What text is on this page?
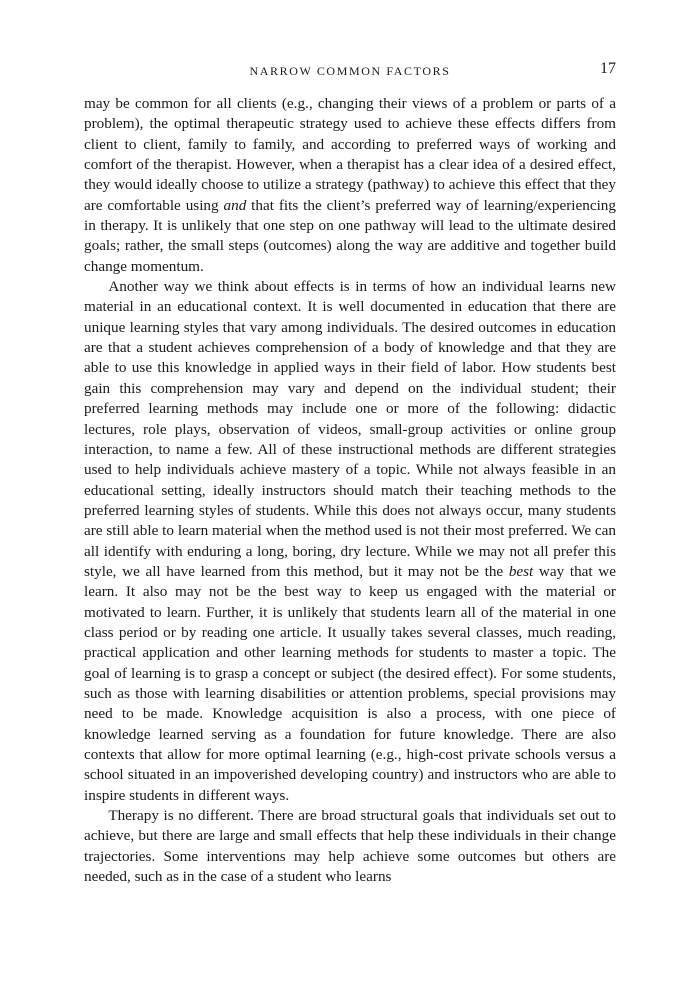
NARROW COMMON FACTORS	17

may be common for all clients (e.g., changing their views of a problem or parts of a problem), the optimal therapeutic strategy used to achieve these effects differs from client to client, family to family, and according to preferred ways of working and comfort of the therapist. However, when a therapist has a clear idea of a desired effect, they would ideally choose to utilize a strategy (pathway) to achieve this effect that they are comfortable using and that fits the client’s preferred way of learning/experiencing in therapy. It is unlikely that one step on one pathway will lead to the ultimate desired goals; rather, the small steps (outcomes) along the way are additive and together build change momentum.

Another way we think about effects is in terms of how an individual learns new material in an educational context. It is well documented in education that there are unique learning styles that vary among individuals. The desired outcomes in education are that a student achieves comprehension of a body of knowledge and that they are able to use this knowledge in applied ways in their field of labor. How students best gain this comprehension may vary and depend on the individual student; their preferred learning methods may include one or more of the following: didactic lectures, role plays, observation of videos, small-group activities or online group interaction, to name a few. All of these instructional methods are different strategies used to help individuals achieve mastery of a topic. While not always feasible in an educational setting, ideally instructors should match their teaching methods to the preferred learning styles of students. While this does not always occur, many students are still able to learn material when the method used is not their most preferred. We can all identify with enduring a long, boring, dry lecture. While we may not all prefer this style, we all have learned from this method, but it may not be the best way that we learn. It also may not be the best way to keep us engaged with the material or motivated to learn. Further, it is unlikely that students learn all of the material in one class period or by reading one article. It usually takes several classes, much reading, practical application and other learning methods for students to master a topic. The goal of learning is to grasp a concept or subject (the desired effect). For some students, such as those with learning disabilities or attention problems, special provisions may need to be made. Knowledge acquisition is also a process, with one piece of knowledge learned serving as a foundation for future knowledge. There are also contexts that allow for more optimal learning (e.g., high-cost private schools versus a school situated in an impoverished developing country) and instructors who are able to inspire students in different ways.

Therapy is no different. There are broad structural goals that individuals set out to achieve, but there are large and small effects that help these individuals in their change trajectories. Some interventions may help achieve some outcomes but others are needed, such as in the case of a student who learns
